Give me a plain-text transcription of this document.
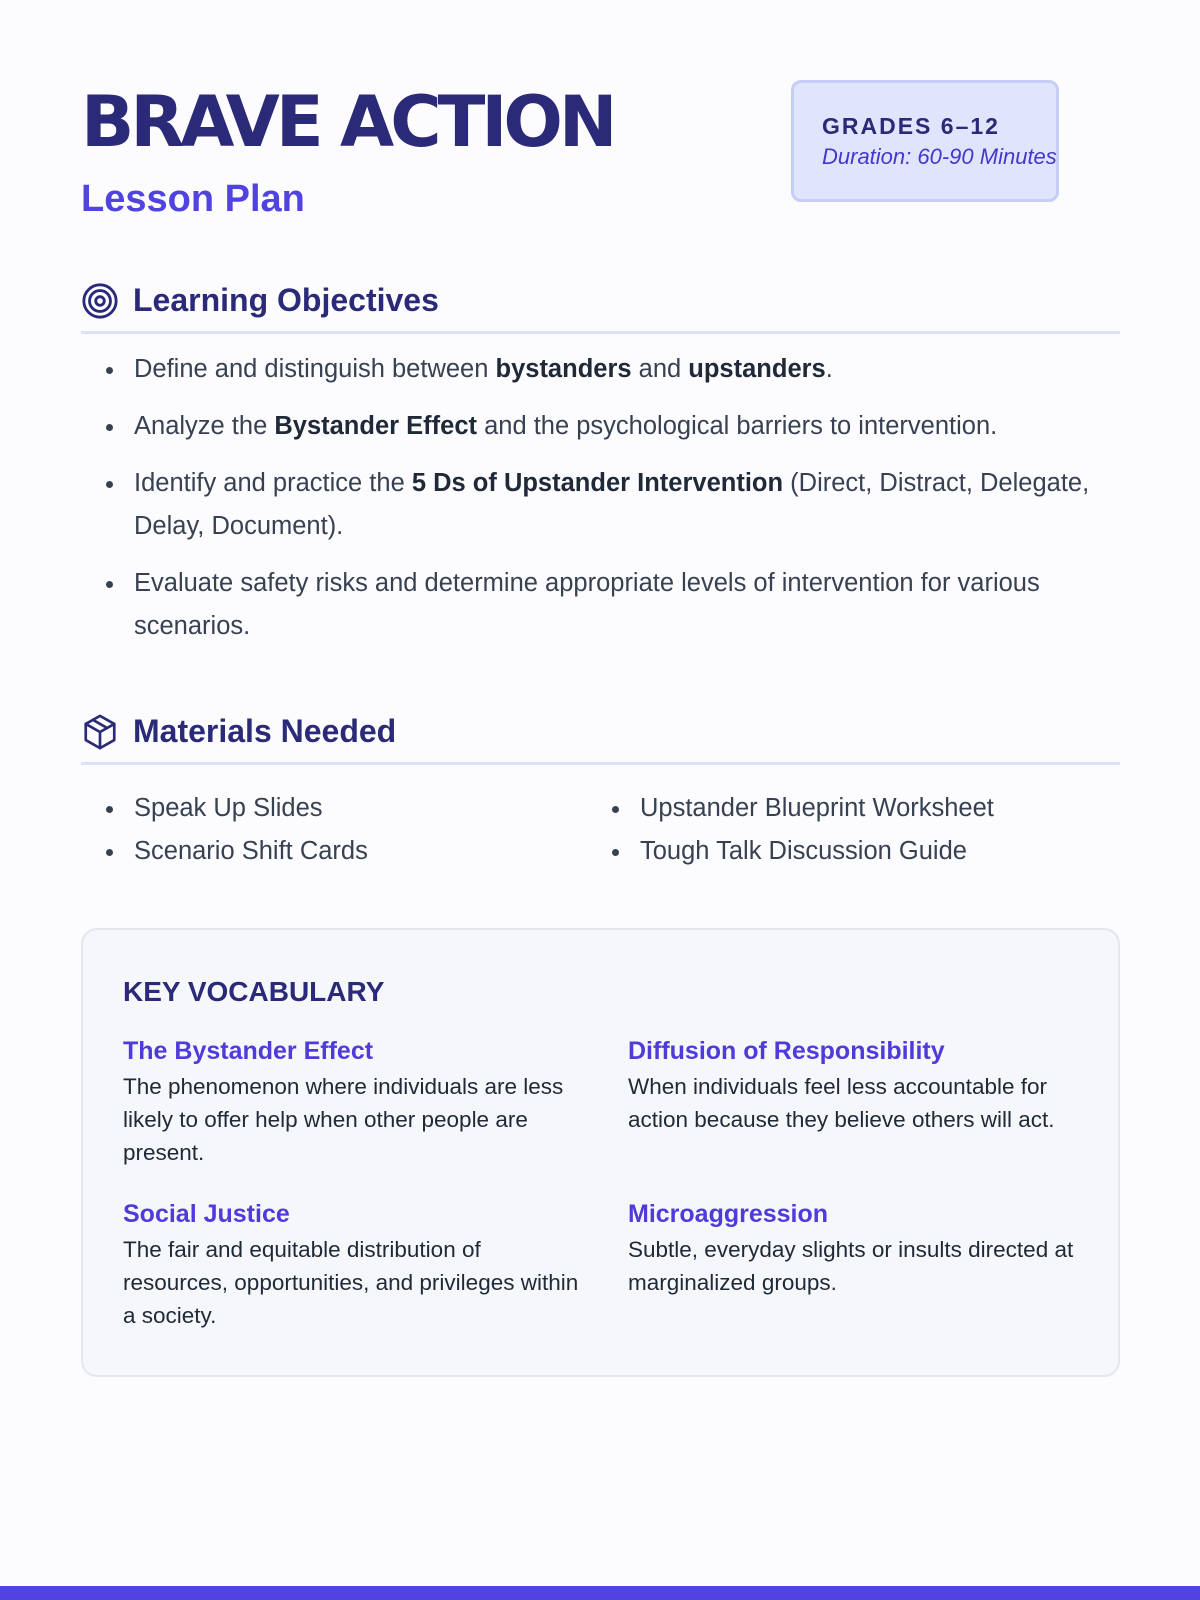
BRAVE ACTION
Lesson Plan
GRADES 6–12
Duration: 60-90 Minutes
Learning Objectives
Define and distinguish between bystanders and upstanders.
Analyze the Bystander Effect and the psychological barriers to intervention.
Identify and practice the 5 Ds of Upstander Intervention (Direct, Distract, Delegate, Delay, Document).
Evaluate safety risks and determine appropriate levels of intervention for various scenarios.
Materials Needed
Speak Up Slides
Scenario Shift Cards
Upstander Blueprint Worksheet
Tough Talk Discussion Guide
KEY VOCABULARY
The Bystander Effect
The phenomenon where individuals are less likely to offer help when other people are present.
Diffusion of Responsibility
When individuals feel less accountable for action because they believe others will act.
Social Justice
The fair and equitable distribution of resources, opportunities, and privileges within a society.
Microaggression
Subtle, everyday slights or insults directed at marginalized groups.
